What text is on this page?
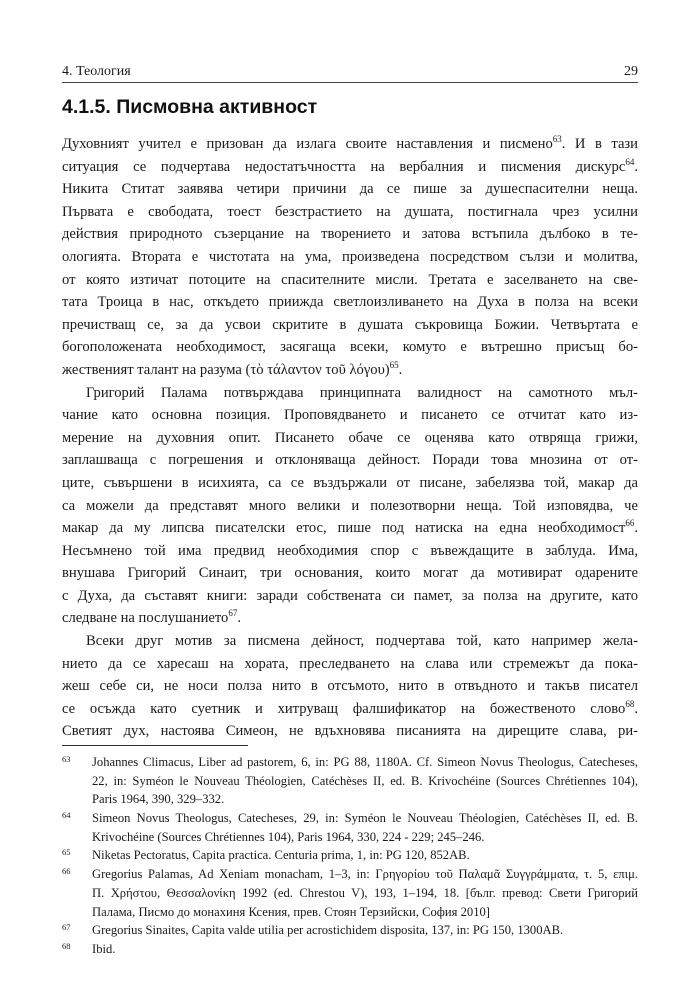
4. Теология	29
4.1.5. Писмовна активност
Духовният учител е призован да излага своите наставления и писмено$^{63}$. И в тази
ситуация се подчертава недостатъчността на вербалния и писмения дискурс$^{64}$.
Никита Ститат заявява четири причини да се пише за душеспасителни неща.
Първата е свободата, тоест безстрастието на душата, постигнала чрез усилни
действия природното съзерцание на творението и затова встъпила дълбоко в те-
ологията. Втората е чистотата на ума, произведена посредством сълзи и молитва,
от която изтичат потоците на спасителните мисли. Третата е заселването на све-
тата Троица в нас, откъдето прииждa светлоизливането на Духа в полза на всеки
пречистващ се, за да усвои скритите в душата съкровища Божии. Четвъртата е
богоположената необходимост, засягаща всеки, комуто е вътрешно присъщ бо-
жественият талант на разума (τὸ τάλαντον τοῦ λόγου)$^{65}$.
Григорий Палама потвърждава принципната валидност на самотното мъл-
чание като основна позиция. Проповядването и писането се отчитат като из-
мерение на духовния опит. Писането обаче се оценява като отвряща грижи,
заплашваща с погрешения и отклоняваща дейност. Поради това мнозина от от-
ците, съвършени в исихията, са се въздържали от писане, забелязва той, макар да
са можели да представят много велики и полезотворни неща. Той изповядва, че
макар да му липсва писателски етос, пише под натиска на една необходимост$^{66}$.
Несъмнено той има предвид необходимия спор с въвеждащите в заблуда. Има,
внушава Григорий Синаит, три основания, които могат да мотивират одарените
с Духа, да съставят книги: заради собствената си памет, за полза на другите, като
следване на послушанието$^{67}$.
Всеки друг мотив за писмена дейност, подчертава той, като например жела-
нието да се харесаш на хората, преследването на слава или стремежът да пока-
жеш себе си, не носи полза нито в отсъмото, нито в отвъдното и такъв писател
се осъжда като суетник и хитруващ фалшификатор на божественото слово$^{68}$.
Светият дух, настоява Симеон, не вдъхновява писанията на дирещите слава, ри-
63 Johannes Climacus, Liber ad pastorem, 6, in: PG 88, 1180A. Cf. Simeon Novus Theologus, Catecheses,
22, in: Syméon le Nouveau Théologien, Catéchèses II, ed. B. Krivochéine (Sources Chrétiennes 104),
Paris 1964, 390, 329–332.
64 Simeon Novus Theologus, Catecheses, 29, in: Syméon le Nouveau Théologien, Catéchèses II, ed. B.
Krivochéine (Sources Chrétiennes 104), Paris 1964, 330, 224 - 229; 245–246.
65 Niketas Pectoratus, Capita practica. Centuria prima, 1, in: PG 120, 852AB.
66 Gregorius Palamas, Ad Xeniam monacham, 1–3, in: Γρηγορίου τοῦ Παλαμᾶ Συγγράμματα, τ. 5, επιμ.
Π. Χρήστου, Θεσσαλονίκη 1992 (ed. Chrestou V), 193, 1–194, 18. [бълг. превод: Свети Григорий
Палама, Писмо до монахиня Ксения, прев. Стоян Терзийски, София 2010]
67 Gregorius Sinaites, Capita valde utilia per acrostichidem disposita, 137, in: PG 150, 1300AB.
68 Ibid.
